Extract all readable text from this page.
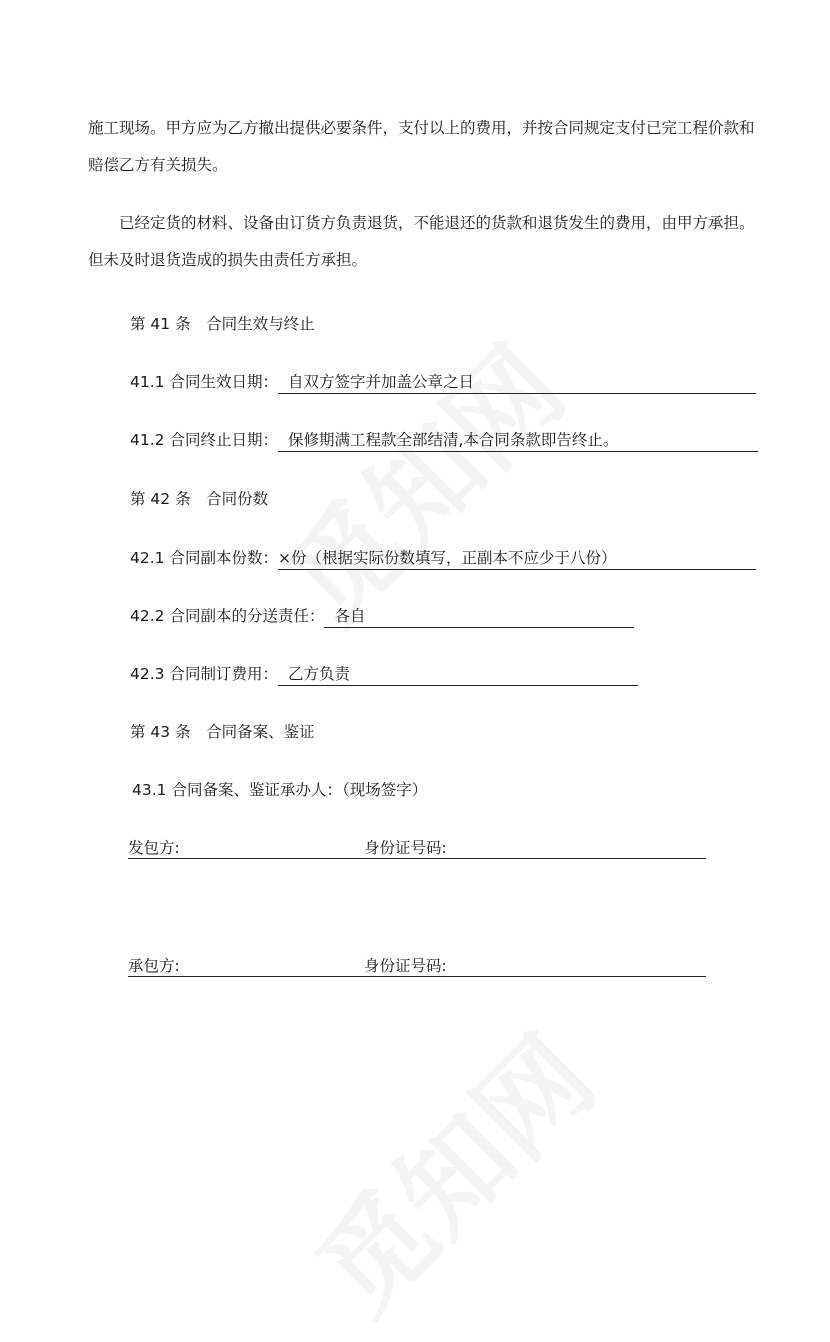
施工现场。甲方应为乙方撤出提供必要条件，支付以上的费用，并按合同规定支付已完工程价款和赔偿乙方有关损失。

已经定货的材料、设备由订货方负责退货，不能退还的货款和退货发生的费用，由甲方承担。但未及时退货造成的损失由责任方承担。

第 41 条　合同生效与终止
41.1 合同生效日期： 自双方签字并加盖公章之日
41.2 合同终止日期： 保修期满工程款全部结清,本合同条款即告终止。
第 42 条　合同份数
42.1 合同副本份数：×份（根据实际份数填写，正副本不应少于八份）
42.2 合同副本的分送责任： 各自
42.3 合同制订费用： 乙方负责
第 43 条　合同备案、鉴证
43.1 合同备案、鉴证承办人：（现场签字）
发包方:	身份证号码:
承包方:	身份证号码:
